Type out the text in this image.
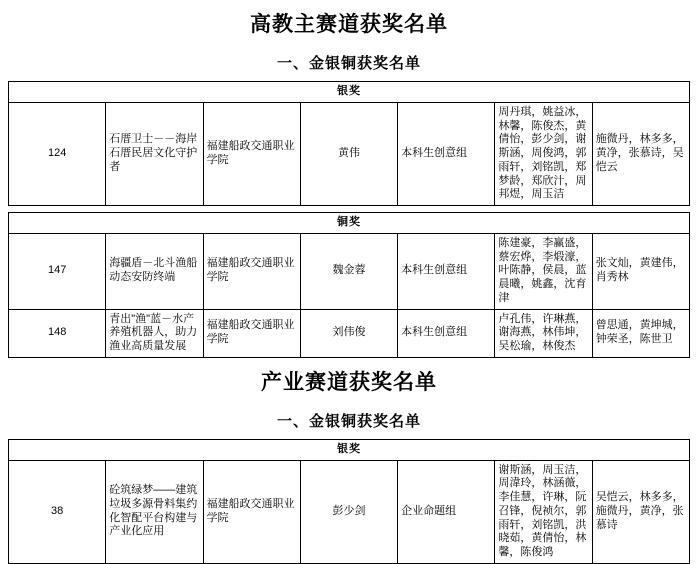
高教主赛道获奖名单
一、金银铜获奖名单
银奖
124	石厝卫士－－海岸石厝民居文化守护者	福建船政交通职业学院	黄伟	本科生创意组	周丹琪，姚益冰，林馨，陈俊杰，黄倩怡，彭少剑，谢斯涵，周俊鸿，郭雨轩，刘铭凯，郑梦龄，郑欣汁，周邦煜，周玉洁	施微丹，林多多，黄净，张慕诗，吴恺云
铜奖						
147	海疆盾－北斗渔船动态安防终端	福建船政交通职业学院	魏金蓉	本科生创意组	陈建豪，李赢盛，蔡宏烨，李煅濠，叶陈静，侯晨，蓝晨曦，姚鑫，沈育津	张文灿，黄建伟，肖秀林
148	青出"渔"蓝－水产养殖机器人，助力渔业高质量发展	福建船政交通职业学院	刘伟俊	本科生创意组	卢孔伟，许琳燕，谢海燕，林伟坤，吴松瑜，林俊杰	曾思通，黄坤城，钟荣圣，陈世卫
产业赛道获奖名单
一、金银铜获奖名单
银奖
38	砼筑绿梦——建筑垃圾多源骨料集约化智配平台构建与产业化应用	福建船政交通职业学院	彭少剑	企业命题组	谢斯涵，周玉洁，周湋玲，林涵薇，李佳慧，许琳，阮召锋，倪祯尔，郭雨轩，刘铭凯，洪晓茹，黄倩怡，林馨，陈俊鸿	吴恺云，林多多，施微丹，黄净，张慕诗
